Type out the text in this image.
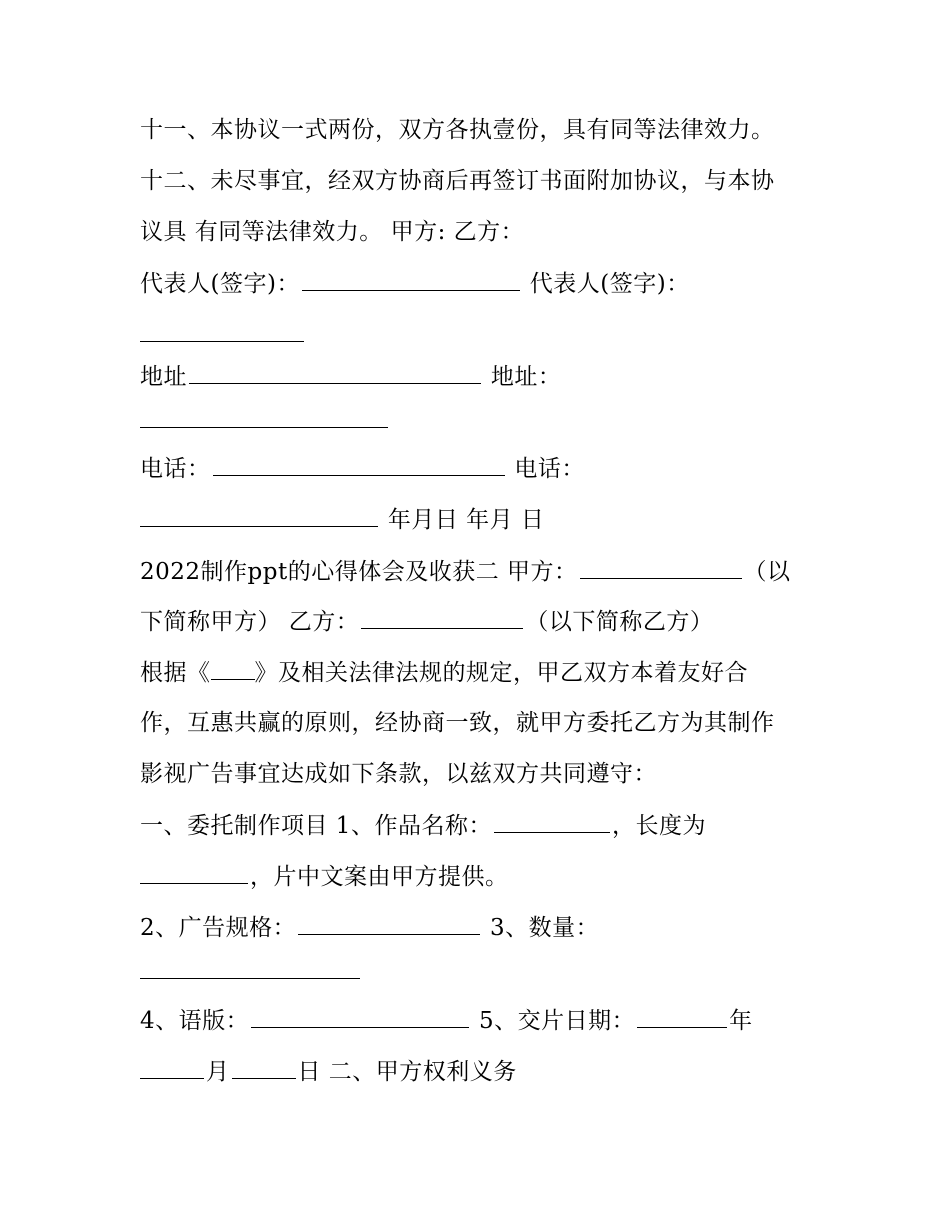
十一、本协议一式两份，双方各执壹份，具有同等法律效力。
十二、未尽事宜，经双方协商后再签订书面附加协议，与本协
议具 有同等法律效力。 甲方: 乙方：
代表人(签字)：	代表人(签字)：
地址	地址：
电话：	电话：
年月日 年月 日
2022制作ppt的心得体会及收获二 甲方：	（以
下简称甲方） 乙方：	（以下简称乙方）
根据《 》及相关法律法规的规定，甲乙双方本着友好合
作，互惠共赢的原则，经协商一致，就甲方委托乙方为其制作
影视广告事宜达成如下条款，以兹双方共同遵守：
一、委托制作项目 1、作品名称：	，长度为
，片中文案由甲方提供。
2、广告规格：	3、数量：
4、语版：	5、交片日期：	年
月	日 二、甲方权利义务
